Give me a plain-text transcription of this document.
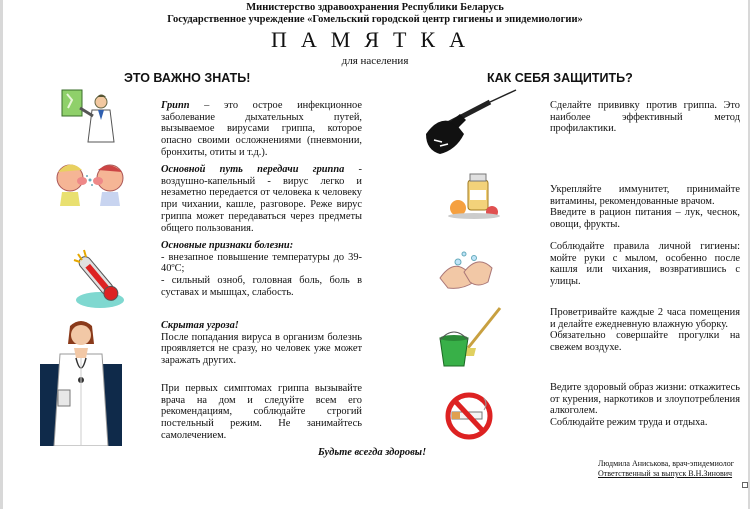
Министерство здравоохранения Республики Беларусь
Государственное учреждение «Гомельский городской центр гигиены и эпидемиологии»
ПАМЯТКА
для населения
ЭТО ВАЖНО ЗНАТЬ!	КАК СЕБЯ ЗАЩИТИТЬ?

Грипп – это острое инфекционное заболевание дыхательных путей, вызываемое вирусами гриппа, которое опасно своими осложнениями (пневмонии, бронхиты, отиты и т.д.).

Основной путь передачи гриппа - воздушно-капельный - вирус легко и незаметно передается от человека к человеку при чихании, кашле, разговоре. Реже вирус гриппа может передаваться через предметы общего пользования.

Основные признаки болезни:

- внезапное повышение температуры до 39-40ºС;

- сильный озноб, головная боль, боль в суставах и мышцах, слабость.

Скрытая угроза!

После попадания вируса в организм болезнь проявляется не сразу, но человек уже может заражать других.

При первых симптомах гриппа вызывайте врача на дом и следуйте всем его рекомендациям, соблюдайте строгий постельный режим. Не занимайтесь самолечением.

Сделайте прививку против гриппа. Это наиболее эффективный метод профилактики.

Укрепляйте иммунитет, принимайте витамины, рекомендованные врачом.

Введите в рацион питания – лук, чеснок, овощи, фрукты.

Соблюдайте правила личной гигиены: мойте руки с мылом, особенно после кашля или чихания, возвратившись с улицы.

Проветривайте каждые 2 часа помещения и делайте ежедневную влажную уборку.

Обязательно совершайте прогулки на свежем воздухе.

Ведите здоровый образ жизни: откажитесь от курения, наркотиков и злоупотребления алкоголем.

Соблюдайте режим труда и отдыха.

Будьте всегда здоровы!
Людмила Аниськова, врач-эпидемиолог
Ответственный за выпуск В.Н.Зинович
